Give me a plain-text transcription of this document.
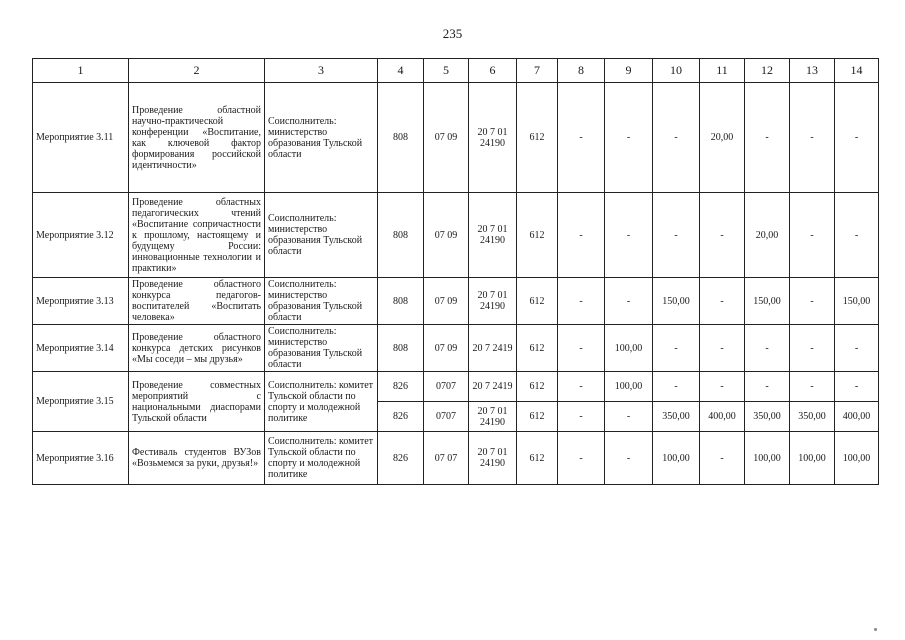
235
1	2	3	4	5	6	7	8	9	10	11	12	13	14
Мероприятие 3.11	Проведение областной научно-практической конференции «Воспитание, как ключевой фактор формирования российской идентичности»	Соисполнитель: министерство образования Тульской области	808	07 09	20 7 01 24190	612	-	-	-	20,00	-	-	-
Мероприятие 3.12	Проведение областных педагогических чтений «Воспитание сопричастности к прошлому, настоящему и будущему России: инновационные технологии и практики»	Соисполнитель: министерство образования Тульской области	808	07 09	20 7 01 24190	612	-	-	-	-	20,00	-	-
Мероприятие 3.13	Проведение областного конкурса педагогов-воспитателей «Воспитать человека»	Соисполнитель: министерство образования Тульской области	808	07 09	20 7 01 24190	612	-	-	150,00	-	150,00	-	150,00
Мероприятие 3.14	Проведение областного конкурса детских рисунков «Мы соседи – мы друзья»	Соисполнитель: министерство образования Тульской области	808	07 09	20 7 2419	612	-	100,00	-	-	-	-	-
Мероприятие 3.15	Проведение совместных мероприятий с национальными диаспорами Тульской области	Соисполнитель: комитет Тульской области по спорту и молодежной политике	826	0707	20 7 2419	612	-	100,00	-	-	-	-	-
			826	0707	20 7 01 24190	612	-	-	350,00	400,00	350,00	350,00	400,00
Мероприятие 3.16	Фестиваль студентов ВУЗов «Возьмемся за руки, друзья!»	Соисполнитель: комитет Тульской области по спорту и молодежной политике	826	07 07	20 7 01 24190	612	-	-	100,00	-	100,00	100,00	100,00
